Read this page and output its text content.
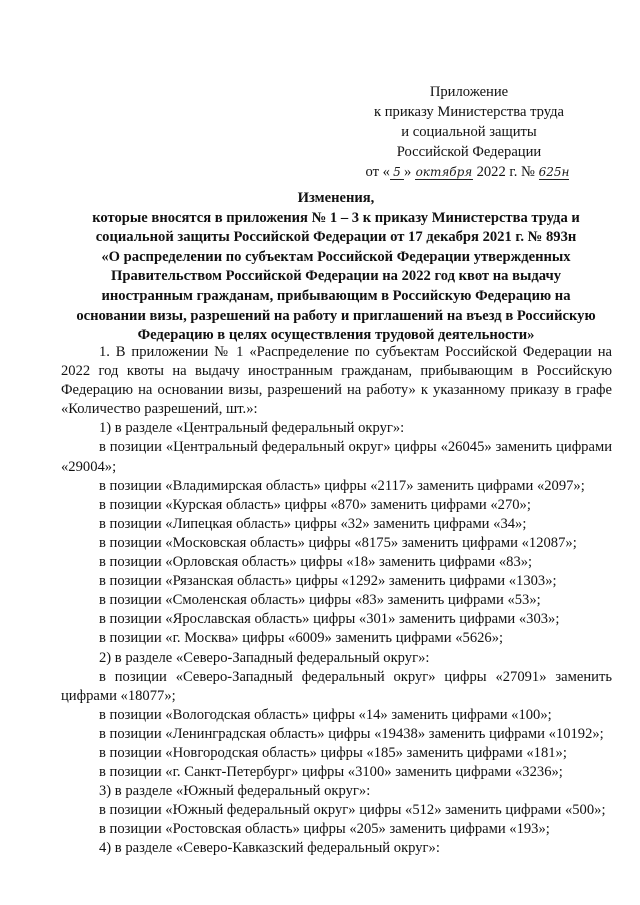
Приложение
к приказу Министерства труда
и социальной защиты
Российской Федерации
от « 5 » октября 2022 г. № 625н
Изменения,
которые вносятся в приложения № 1 – 3 к приказу Министерства труда и
социальной защиты Российской Федерации от 17 декабря 2021 г. № 893н
«О распределении по субъектам Российской Федерации утвержденных
Правительством Российской Федерации на 2022 год квот на выдачу
иностранным гражданам, прибывающим в Российскую Федерацию на
основании визы, разрешений на работу и приглашений на въезд в Российскую
Федерацию в целях осуществления трудовой деятельности»

1. В приложении № 1 «Распределение по субъектам Российской Федерации на 2022 год квоты на выдачу иностранным гражданам, прибывающим в Российскую Федерацию на основании визы, разрешений на работу» к указанному приказу в графе «Количество разрешений, шт.»:

1) в разделе «Центральный федеральный округ»:

в позиции «Центральный федеральный округ» цифры «26045» заменить цифрами «29004»;

в позиции «Владимирская область» цифры «2117» заменить цифрами «2097»;

в позиции «Курская область» цифры «870» заменить цифрами «270»;

в позиции «Липецкая область» цифры «32» заменить цифрами «34»;

в позиции «Московская область» цифры «8175» заменить цифрами «12087»;

в позиции «Орловская область» цифры «18» заменить цифрами «83»;

в позиции «Рязанская область» цифры «1292» заменить цифрами «1303»;

в позиции «Смоленская область» цифры «83» заменить цифрами «53»;

в позиции «Ярославская область» цифры «301» заменить цифрами «303»;

в позиции «г. Москва» цифры «6009» заменить цифрами «5626»;

2) в разделе «Северо-Западный федеральный округ»:

в позиции «Северо-Западный федеральный округ» цифры «27091» заменить цифрами «18077»;

в позиции «Вологодская область» цифры «14» заменить цифрами «100»;

в позиции «Ленинградская область» цифры «19438» заменить цифрами «10192»;

в позиции «Новгородская область» цифры «185» заменить цифрами «181»;

в позиции «г. Санкт-Петербург» цифры «3100» заменить цифрами «3236»;

3) в разделе «Южный федеральный округ»:

в позиции «Южный федеральный округ» цифры «512» заменить цифрами «500»;

в позиции «Ростовская область» цифры «205» заменить цифрами «193»;

4) в разделе «Северо-Кавказский федеральный округ»:
